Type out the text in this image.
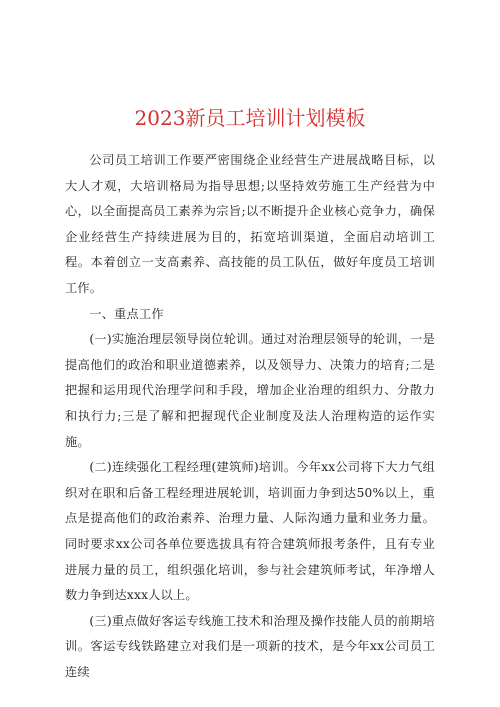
2023新员工培训计划模板

公司员工培训工作要严密围绕企业经营生产进展战略目标，以大人才观，大培训格局为指导思想;以坚持效劳施工生产经营为中心，以全面提高员工素养为宗旨;以不断提升企业核心竞争力，确保企业经营生产持续进展为目的，拓宽培训渠道，全面启动培训工程。本着创立一支高素养、高技能的员工队伍，做好年度员工培训工作。

一、重点工作

(一)实施治理层领导岗位轮训。通过对治理层领导的轮训，一是提高他们的政治和职业道德素养，以及领导力、决策力的培育;二是把握和运用现代治理学问和手段，增加企业治理的组织力、分散力和执行力;三是了解和把握现代企业制度及法人治理构造的运作实施。

(二)连续强化工程经理(建筑师)培训。今年xx公司将下大力气组织对在职和后备工程经理进展轮训，培训面力争到达50%以上，重点是提高他们的政治素养、治理力量、人际沟通力量和业务力量。同时要求xx公司各单位要选拔具有符合建筑师报考条件，且有专业进展力量的员工，组织强化培训，参与社会建筑师考试，年净增人数力争到达xxx人以上。

(三)重点做好客运专线施工技术和治理及操作技能人员的前期培训。客运专线铁路建立对我们是一项新的技术，是今年xx公司员工连续
